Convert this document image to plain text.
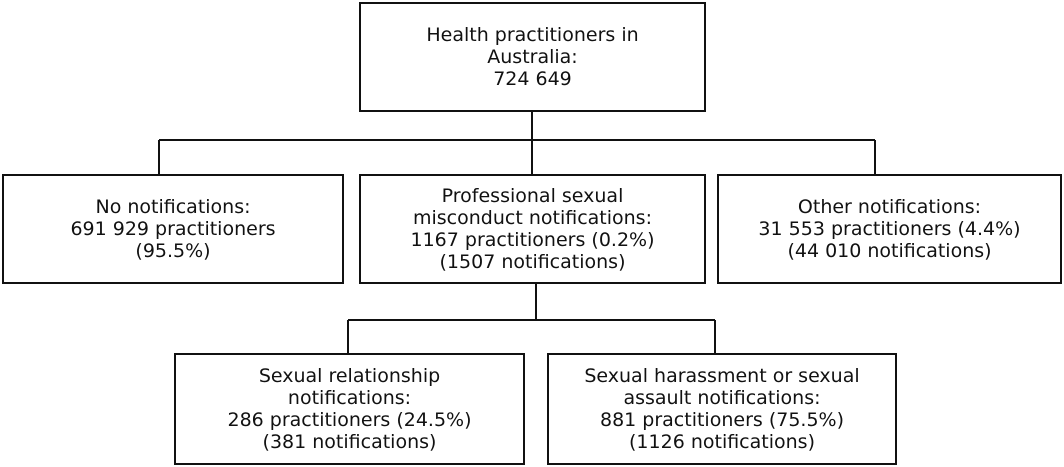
Health practitioners in
Australia:
724 649
No notifications:
691 929 practitioners
(95.5%)
Professional sexual
misconduct notifications:
1167 practitioners (0.2%)
(1507 notifications)
Other notifications:
31 553 practitioners (4.4%)
(44 010 notifications)
Sexual relationship
notifications:
286 practitioners (24.5%)
(381 notifications)
Sexual harassment or sexual
assault notifications:
881 practitioners (75.5%)
(1126 notifications)
